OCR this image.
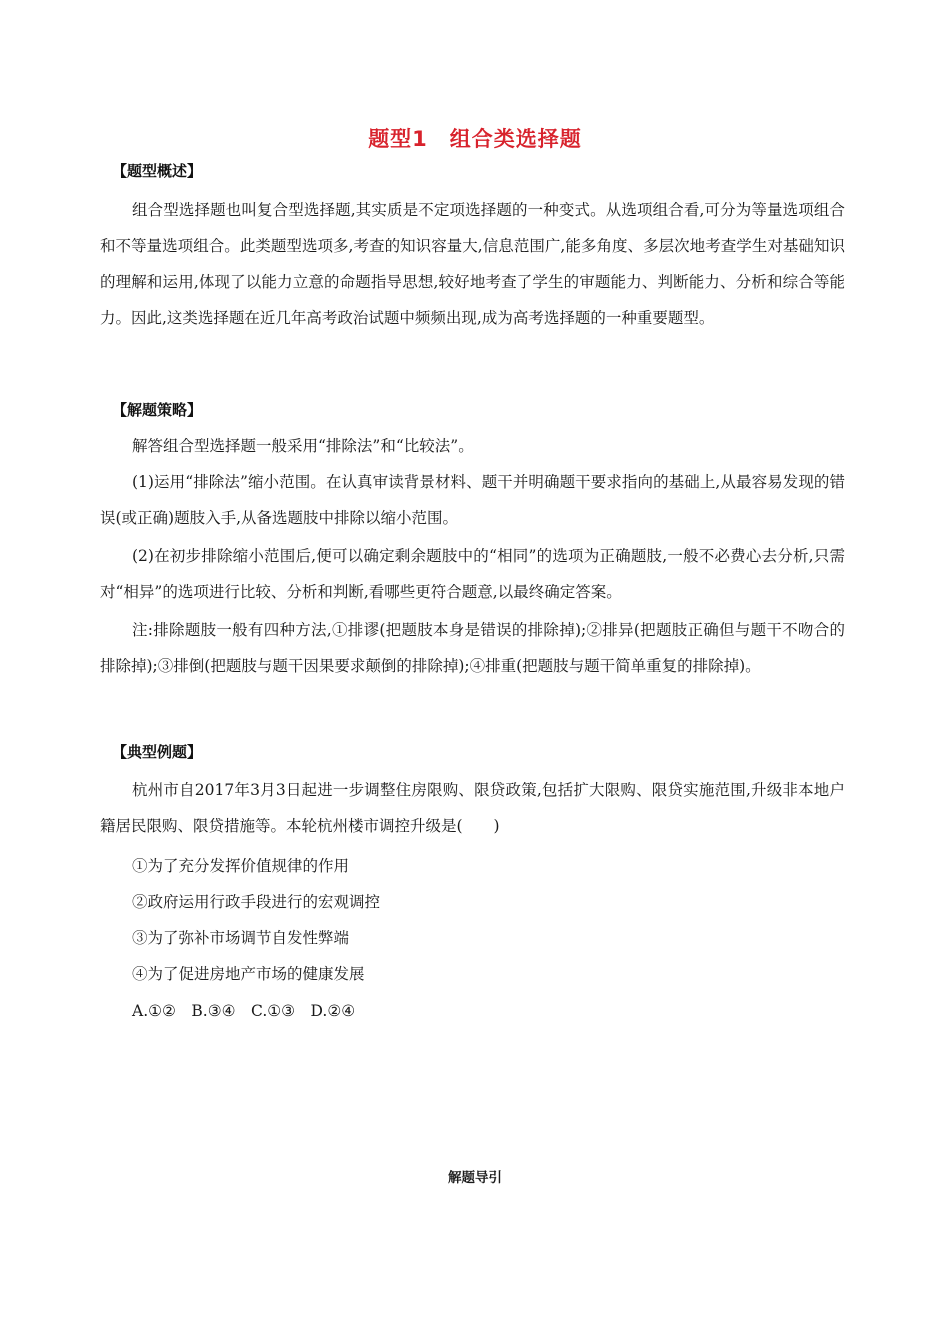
题型1　组合类选择题
【题型概述】
组合型选择题也叫复合型选择题,其实质是不定项选择题的一种变式。从选项组合看,可分为等量选项组合和不等量选项组合。此类题型选项多,考查的知识容量大,信息范围广,能多角度、多层次地考查学生对基础知识的理解和运用,体现了以能力立意的命题指导思想,较好地考查了学生的审题能力、判断能力、分析和综合等能力。因此,这类选择题在近几年高考政治试题中频频出现,成为高考选择题的一种重要题型。
【解题策略】
解答组合型选择题一般采用“排除法”和“比较法”。
(1)运用“排除法”缩小范围。在认真审读背景材料、题干并明确题干要求指向的基础上,从最容易发现的错误(或正确)题肢入手,从备选题肢中排除以缩小范围。
(2)在初步排除缩小范围后,便可以确定剩余题肢中的“相同”的选项为正确题肢,一般不必费心去分析,只需对“相异”的选项进行比较、分析和判断,看哪些更符合题意,以最终确定答案。
注:排除题肢一般有四种方法,①排谬(把题肢本身是错误的排除掉);②排异(把题肢正确但与题干不吻合的排除掉);③排倒(把题肢与题干因果要求颠倒的排除掉);④排重(把题肢与题干简单重复的排除掉)。
【典型例题】
杭州市自2017年3月3日起进一步调整住房限购、限贷政策,包括扩大限购、限贷实施范围,升级非本地户籍居民限购、限贷措施等。本轮杭州楼市调控升级是(　　)
①为了充分发挥价值规律的作用
②政府运用行政手段进行的宏观调控
③为了弥补市场调节自发性弊端
④为了促进房地产市场的健康发展
A.①②　B.③④　C.①③　D.②④
解题导引
